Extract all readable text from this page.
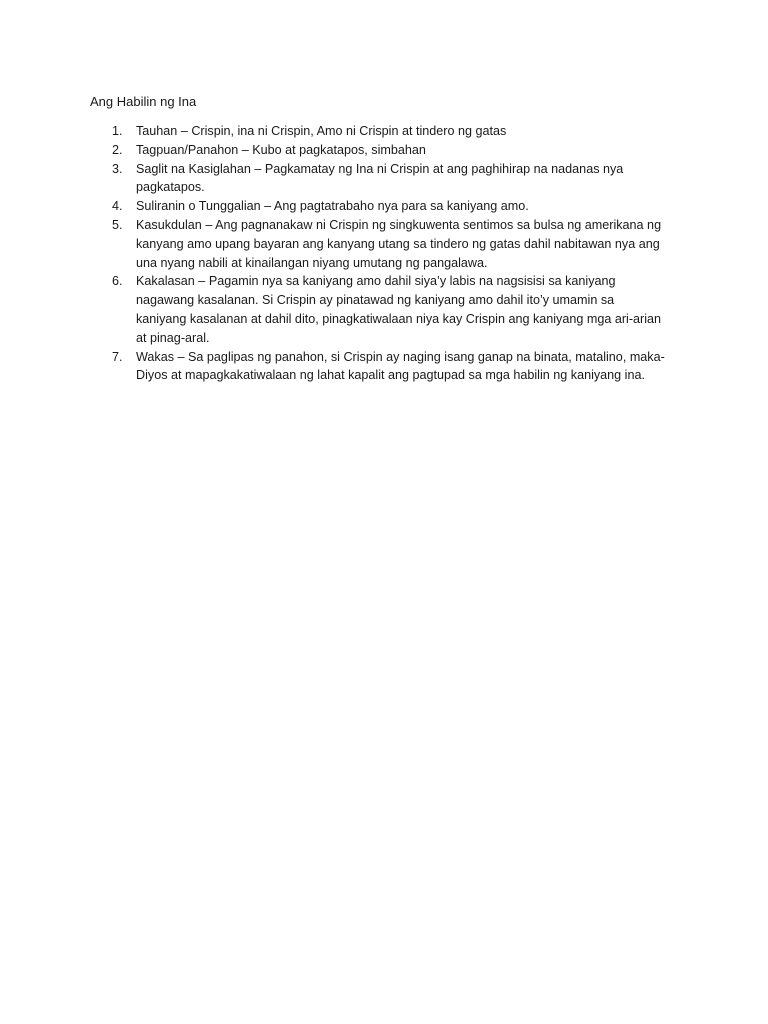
Ang Habilin ng Ina
1.	Tauhan – Crispin, ina ni Crispin, Amo ni Crispin at tindero ng gatas
2.	Tagpuan/Panahon – Kubo at pagkatapos, simbahan
3.	Saglit na Kasiglahan – Pagkamatay ng Ina ni Crispin at ang paghihirap na nadanas nya pagkatapos.
4.	Suliranin o Tunggalian – Ang pagtatrabaho nya para sa kaniyang amo.
5.	Kasukdulan – Ang pagnanakaw ni Crispin ng singkuwenta sentimos sa bulsa ng amerikana ng kanyang amo upang bayaran ang kanyang utang sa tindero ng gatas dahil nabitawan nya ang una nyang nabili at kinailangan niyang umutang ng pangalawa.
6.	Kakalasan – Pagamin nya sa kaniyang amo dahil siya’y labis na nagsisisi sa kaniyang nagawang kasalanan. Si Crispin ay pinatawad ng kaniyang amo dahil ito’y umamin sa kaniyang kasalanan at dahil dito, pinagkatiwalaan niya kay Crispin ang kaniyang mga ari-arian at pinag-aral.
7.	Wakas – Sa paglipas ng panahon, si Crispin ay naging isang ganap na binata, matalino, maka-Diyos at mapagkakatiwalaan ng lahat kapalit ang pagtupad sa mga habilin ng kaniyang ina.
